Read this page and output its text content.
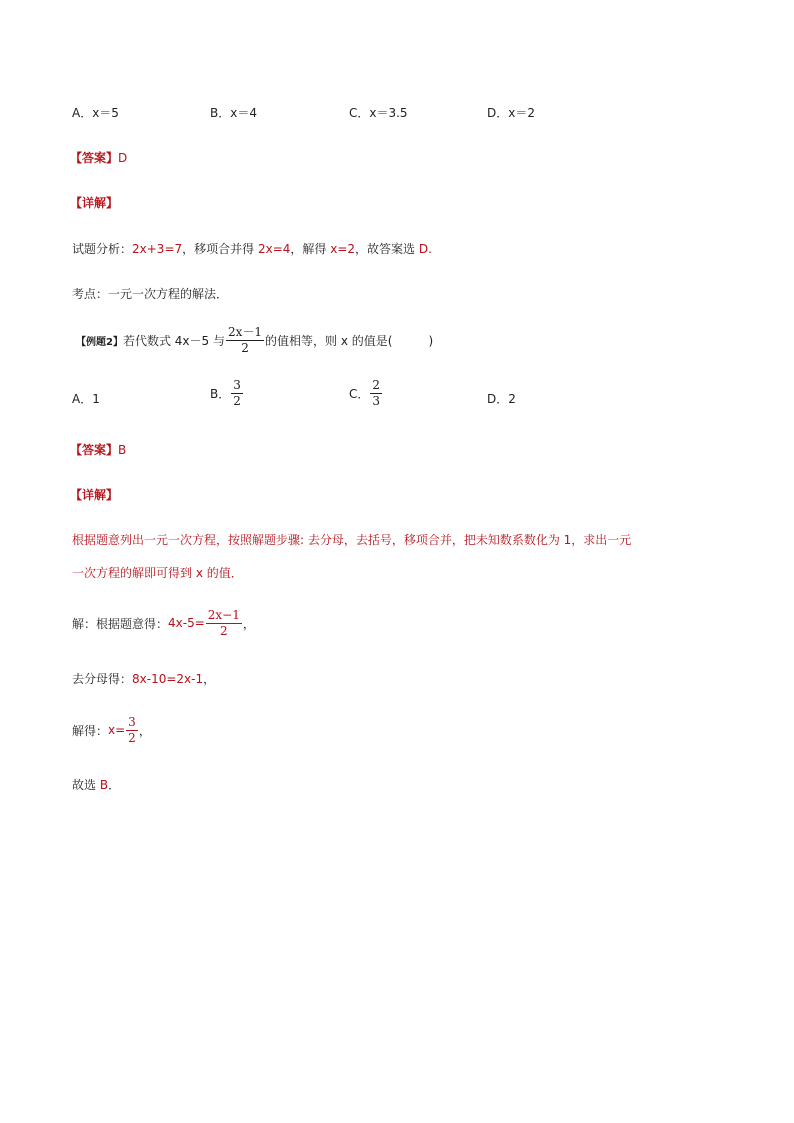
A．x＝5	B．x＝4	C．x＝3.5	D．x＝2
【答案】D
【详解】
试题分析：2x+3=7，移项合并得 2x=4，解得 x=2，故答案选 D.
考点：一元一次方程的解法．
【例题2】 若代数式 4x－5 与 $\frac{2x-1}{2}$ 的值相等，则 x 的值是(　　　)
A．1	B． $\frac{3}{2}$	C． $\frac{2}{3}$	D．2
【答案】B
【详解】
根据题意列出一元一次方程，按照解题步骤: 去分母，去括号，移项合并，把未知数系数化为 1，求出一元
一次方程的解即可得到 x 的值．
解：根据题意得： $4x-5= \frac{2x-1}{2}$ ，
去分母得：8x-10=2x-1，
解得： $x= \frac{3}{2}$ ，
故选 B．
